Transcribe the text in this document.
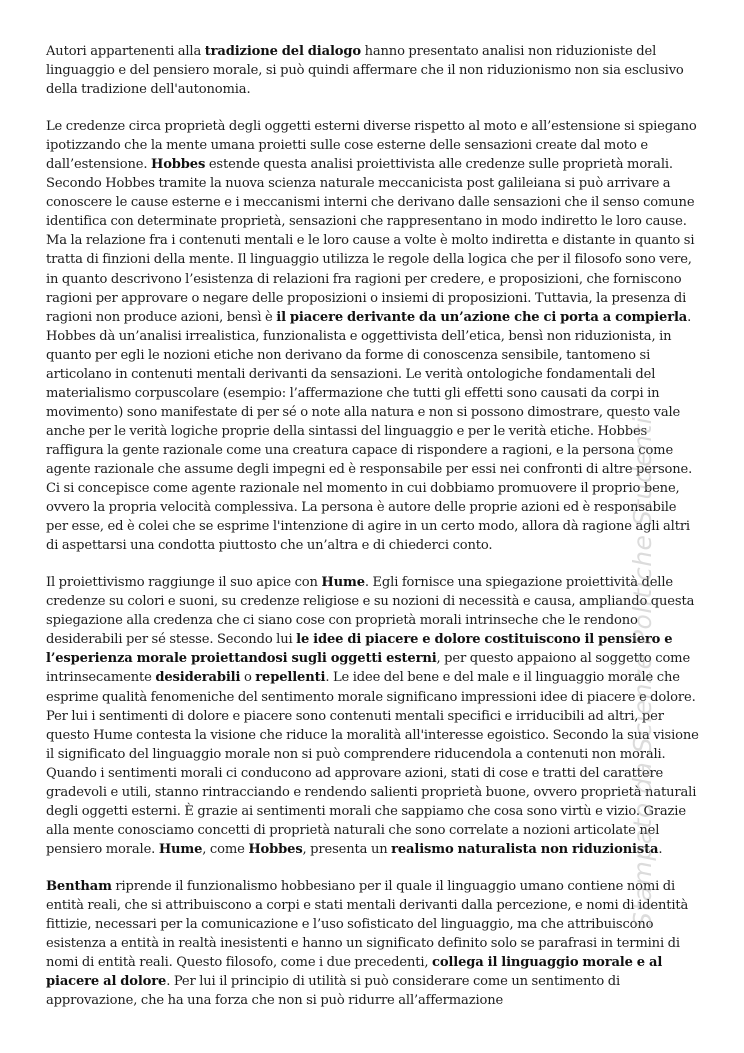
Autori appartenenti alla tradizione del dialogo hanno presentato analisi non riduzioniste del linguaggio e del pensiero morale, si può quindi affermare che il non riduzionismo non sia esclusivo della tradizione dell'autonomia.

Le credenze circa proprietà degli oggetti esterni diverse rispetto al moto e all’estensione si spiegano ipotizzando che la mente umana proietti sulle cose esterne delle sensazioni create dal moto e dall’estensione. Hobbes estende questa analisi proiettivista alle credenze sulle proprietà morali. Secondo Hobbes tramite la nuova scienza naturale meccanicista post galileiana si può arrivare a conoscere le cause esterne e i meccanismi interni che derivano dalle sensazioni che il senso comune identifica con determinate proprietà, sensazioni che rappresentano in modo indiretto le loro cause. Ma la relazione fra i contenuti mentali e le loro cause a volte è molto indiretta e distante in quanto si tratta di finzioni della mente. Il linguaggio utilizza le regole della logica che per il filosofo sono vere, in quanto descrivono l’esistenza di relazioni fra ragioni per credere, e proposizioni, che forniscono ragioni per approvare o negare delle proposizioni o insiemi di proposizioni. Tuttavia, la presenza di ragioni non produce azioni, bensì è il piacere derivante da un’azione che ci porta a compierla. Hobbes dà un’analisi irrealistica, funzionalista e oggettivista dell’etica, bensì non riduzionista, in quanto per egli le nozioni etiche non derivano da forme di conoscenza sensibile, tantomeno si articolano in contenuti mentali derivanti da sensazioni. Le verità ontologiche fondamentali del materialismo corpuscolare (esempio: l’affermazione che tutti gli effetti sono causati da corpi in movimento) sono manifestate di per sé o note alla natura e non si possono dimostrare, questo vale anche per le verità logiche proprie della sintassi del linguaggio e per le verità etiche. Hobbes raffigura la gente razionale come una creatura capace di rispondere a ragioni, e la persona come agente razionale che assume degli impegni ed è responsabile per essi nei confronti di altre persone. Ci si concepisce come agente razionale nel momento in cui dobbiamo promuovere il proprio bene, ovvero la propria velocità complessiva. La persona è autore delle proprie azioni ed è responsabile per esse, ed è colei che se esprime l'intenzione di agire in un certo modo, allora dà ragione agli altri di aspettarsi una condotta piuttosto che un’altra e di chiederci conto.

Il proiettivismo raggiunge il suo apice con Hume. Egli fornisce una spiegazione proiettività delle credenze su colori e suoni, su credenze religiose e su nozioni di necessità e causa, ampliando questa spiegazione alla credenza che ci siano cose con proprietà morali intrinseche che le rendono desiderabili per sé stesse. Secondo lui le idee di piacere e dolore costituiscono il pensiero e l’esperienza morale proiettandosi sugli oggetti esterni, per questo appaiono al soggetto come intrinsecamente desiderabili o repellenti. Le idee del bene e del male e il linguaggio morale che esprime qualità fenomeniche del sentimento morale significano impressioni idee di piacere e dolore. Per lui i sentimenti di dolore e piacere sono contenuti mentali specifici e irriducibili ad altri, per questo Hume contesta la visione che riduce la moralità all'interesse egoistico. Secondo la sua visione il significato del linguaggio morale non si può comprendere riducendola a contenuti non morali. Quando i sentimenti morali ci conducono ad approvare azioni, stati di cose e tratti del carattere gradevoli e utili, stanno rintracciando e rendendo salienti proprietà buone, ovvero proprietà naturali degli oggetti esterni. È grazie ai sentimenti morali che sappiamo che cosa sono virtù e vizio. Grazie alla mente conosciamo concetti di proprietà naturali che sono correlate a nozioni articolate nel pensiero morale. Hume, come Hobbes, presenta un realismo naturalista non riduzionista.

Bentham riprende il funzionalismo hobbesiano per il quale il linguaggio umano contiene nomi di entità reali, che si attribuiscono a corpi e stati mentali derivanti dalla percezione, e nomi di identità fittizie, necessari per la comunicazione e l’uso sofisticato del linguaggio, ma che attribuiscono esistenza a entità in realtà inesistenti e hanno un significato definito solo se parafrasi in termini di nomi di entità reali. Questo filosofo, come i due precedenti, collega il linguaggio morale e al piacere al dolore. Per lui il principio di utilità si può considerare come un sentimento di approvazione, che ha una forza che non si può ridurre all’affermazione

Stampato da Scienze Politiche Studenti
